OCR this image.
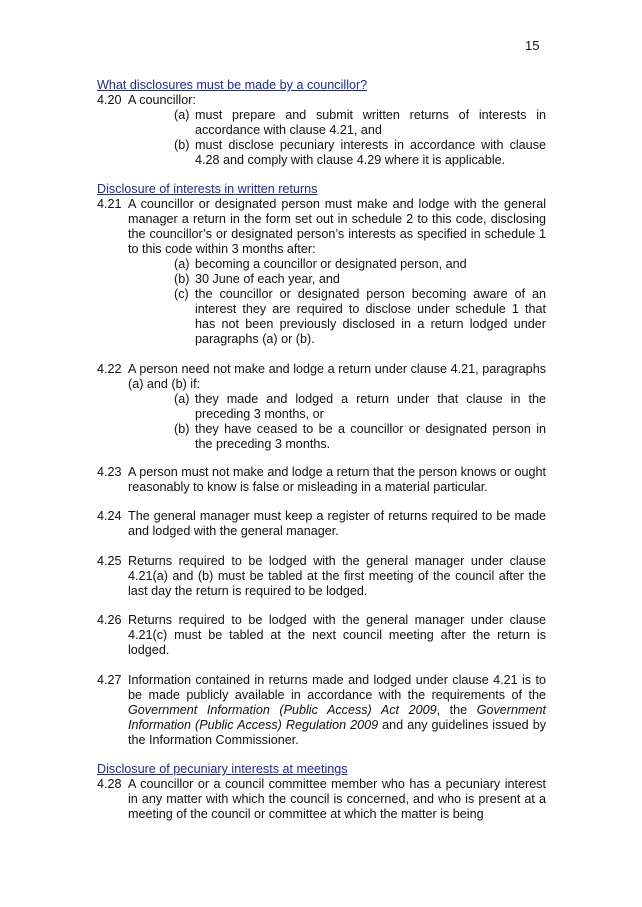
15
What disclosures must be made by a councillor?
4.20 A councillor:
(a) must prepare and submit written returns of interests in accordance with clause 4.21, and
(b) must disclose pecuniary interests in accordance with clause 4.28 and comply with clause 4.29 where it is applicable.
Disclosure of interests in written returns
4.21 A councillor or designated person must make and lodge with the general manager a return in the form set out in schedule 2 to this code, disclosing the councillor’s or designated person’s interests as specified in schedule 1 to this code within 3 months after:
(a) becoming a councillor or designated person, and
(b) 30 June of each year, and
(c) the councillor or designated person becoming aware of an interest they are required to disclose under schedule 1 that has not been previously disclosed in a return lodged under paragraphs (a) or (b).
4.22 A person need not make and lodge a return under clause 4.21, paragraphs (a) and (b) if:
(a) they made and lodged a return under that clause in the preceding 3 months, or
(b) they have ceased to be a councillor or designated person in the preceding 3 months.
4.23 A person must not make and lodge a return that the person knows or ought reasonably to know is false or misleading in a material particular.
4.24 The general manager must keep a register of returns required to be made and lodged with the general manager.
4.25 Returns required to be lodged with the general manager under clause 4.21(a) and (b) must be tabled at the first meeting of the council after the last day the return is required to be lodged.
4.26 Returns required to be lodged with the general manager under clause 4.21(c) must be tabled at the next council meeting after the return is lodged.
4.27 Information contained in returns made and lodged under clause 4.21 is to be made publicly available in accordance with the requirements of the Government Information (Public Access) Act 2009, the Government Information (Public Access) Regulation 2009 and any guidelines issued by the Information Commissioner.
Disclosure of pecuniary interests at meetings
4.28 A councillor or a council committee member who has a pecuniary interest in any matter with which the council is concerned, and who is present at a meeting of the council or committee at which the matter is being
